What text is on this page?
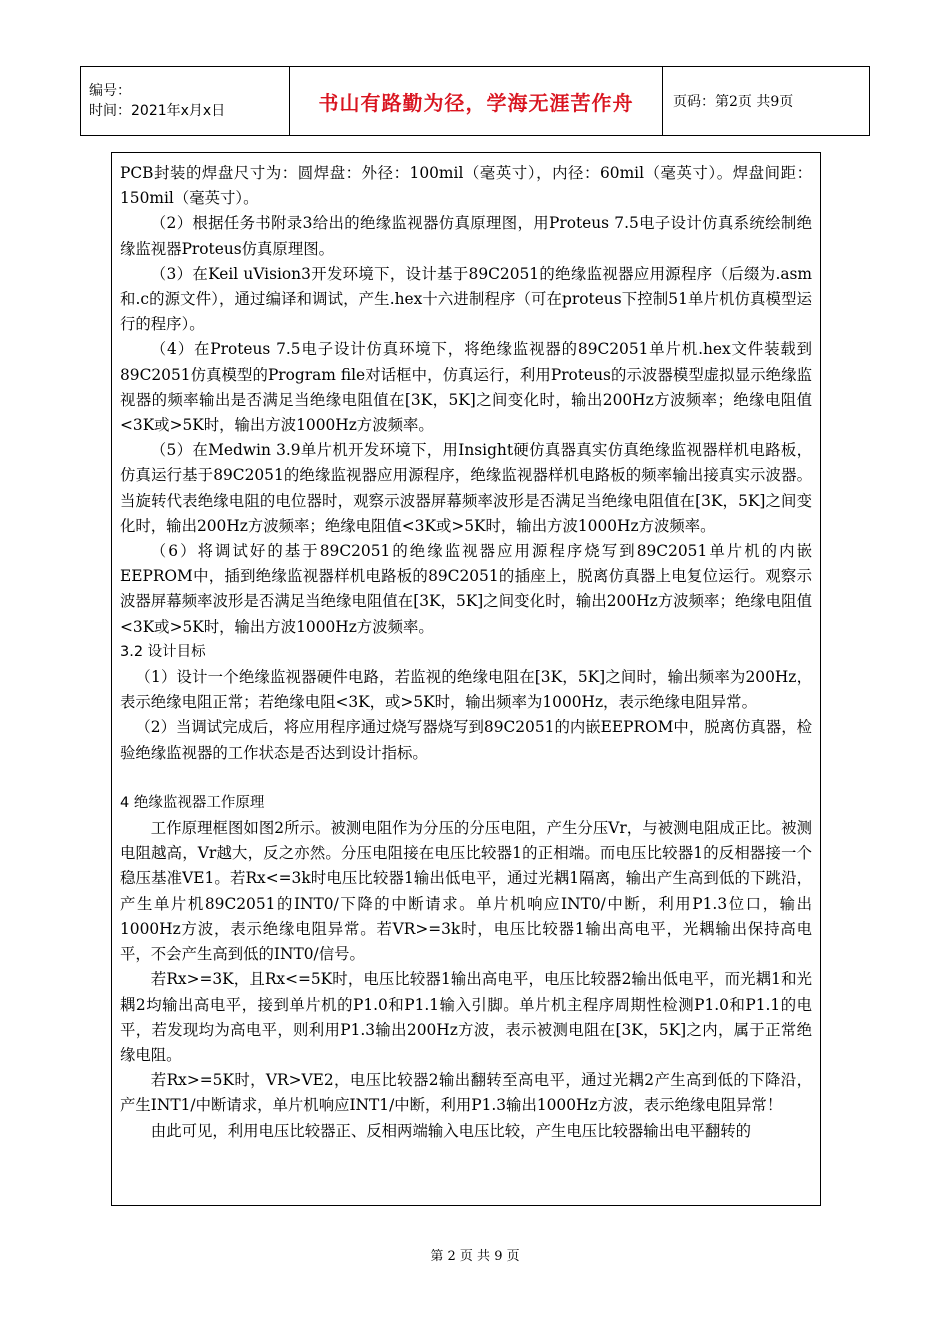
编号：
时间：2021年x月x日	书山有路勤为径，学海无涯苦作舟	页码：第2页 共9页

PCB封装的焊盘尺寸为：圆焊盘：外径：100mil（毫英寸），内径：60mil（毫英寸）。焊盘间距：150mil（毫英寸）。

（2）根据任务书附录3给出的绝缘监视器仿真原理图，用Proteus 7.5电子设计仿真系统绘制绝缘监视器Proteus仿真原理图。

（3）在Keil uVision3开发环境下，设计基于89C2051的绝缘监视器应用源程序（后缀为.asm和.c的源文件），通过编译和调试，产生.hex十六进制程序（可在proteus下控制51单片机仿真模型运行的程序）。

（4）在Proteus 7.5电子设计仿真环境下，将绝缘监视器的89C2051单片机.hex文件装载到89C2051仿真模型的Program file对话框中，仿真运行，利用Proteus的示波器模型虚拟显示绝缘监视器的频率输出是否满足当绝缘电阻值在[3K，5K]之间变化时，输出200Hz方波频率；绝缘电阻值<3K或>5K时，输出方波1000Hz方波频率。

（5）在Medwin 3.9单片机开发环境下，用Insight硬仿真器真实仿真绝缘监视器样机电路板，仿真运行基于89C2051的绝缘监视器应用源程序，绝缘监视器样机电路板的频率输出接真实示波器。当旋转代表绝缘电阻的电位器时，观察示波器屏幕频率波形是否满足当绝缘电阻值在[3K，5K]之间变化时，输出200Hz方波频率；绝缘电阻值<3K或>5K时，输出方波1000Hz方波频率。

（6）将调试好的基于89C2051的绝缘监视器应用源程序烧写到89C2051单片机的内嵌EEPROM中，插到绝缘监视器样机电路板的89C2051的插座上，脱离仿真器上电复位运行。观察示波器屏幕频率波形是否满足当绝缘电阻值在[3K，5K]之间变化时，输出200Hz方波频率；绝缘电阻值<3K或>5K时，输出方波1000Hz方波频率。

3.2 设计目标

（1）设计一个绝缘监视器硬件电路，若监视的绝缘电阻在[3K，5K]之间时，输出频率为200Hz，表示绝缘电阻正常；若绝缘电阻<3K，或>5K时，输出频率为1000Hz，表示绝缘电阻异常。

（2）当调试完成后，将应用程序通过烧写器烧写到89C2051的内嵌EEPROM中，脱离仿真器，检验绝缘监视器的工作状态是否达到设计指标。

4 绝缘监视器工作原理

工作原理框图如图2所示。被测电阻作为分压的分压电阻，产生分压Vr，与被测电阻成正比。被测电阻越高，Vr越大，反之亦然。分压电阻接在电压比较器1的正相端。而电压比较器1的反相器接一个稳压基准VE1。若Rx<=3k时电压比较器1输出低电平，通过光耦1隔离，输出产生高到低的下跳沿，产生单片机89C2051的INT0/下降的中断请求。单片机响应INT0/中断，利用P1.3位口，输出1000Hz方波，表示绝缘电阻异常。若VR>=3k时，电压比较器1输出高电平，光耦输出保持高电平，不会产生高到低的INT0/信号。

若Rx>=3K，且Rx<=5K时，电压比较器1输出高电平，电压比较器2输出低电平，而光耦1和光耦2均输出高电平，接到单片机的P1.0和P1.1输入引脚。单片机主程序周期性检测P1.0和P1.1的电平，若发现均为高电平，则利用P1.3输出200Hz方波，表示被测电阻在[3K，5K]之内，属于正常绝缘电阻。

若Rx>=5K时，VR>VE2，电压比较器2输出翻转至高电平，通过光耦2产生高到低的下降沿，产生INT1/中断请求，单片机响应INT1/中断，利用P1.3输出1000Hz方波，表示绝缘电阻异常！

由此可见，利用电压比较器正、反相两端输入电压比较，产生电压比较器输出电平翻转的

第 2 页 共 9 页
